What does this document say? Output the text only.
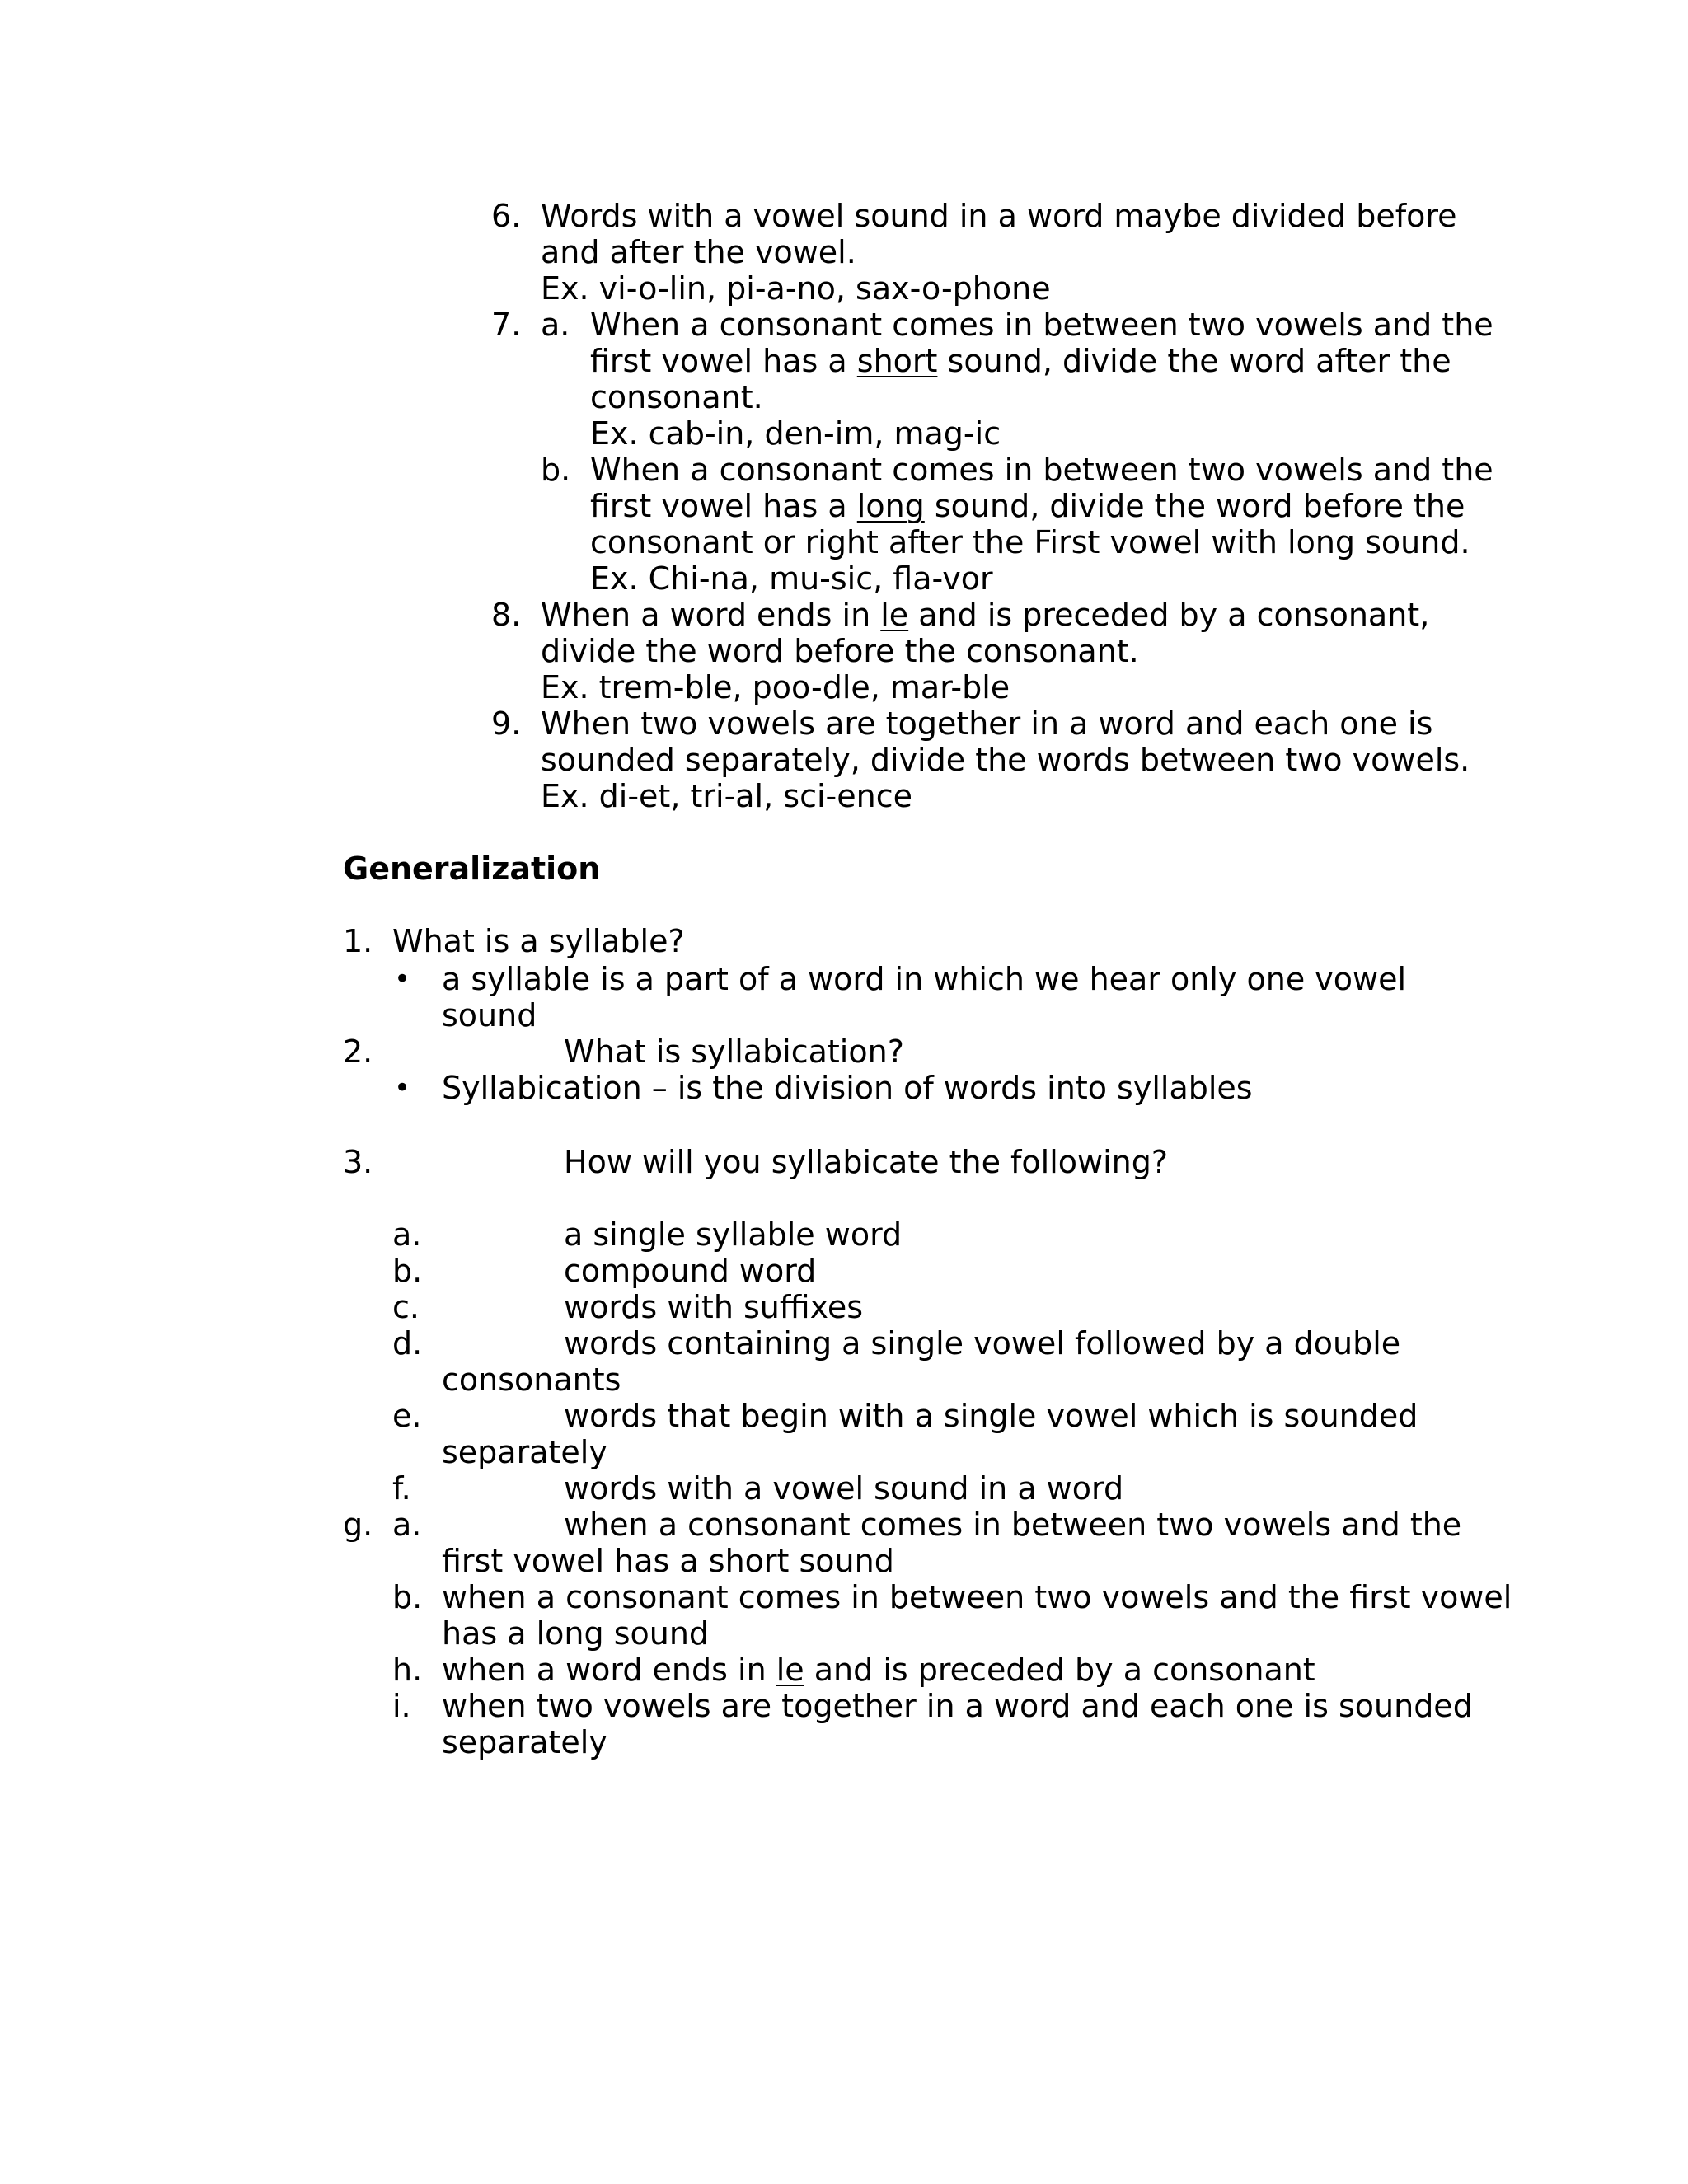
6. Words with a vowel sound in a word maybe divided before
and after the vowel.
Ex. vi-o-lin, pi-a-no, sax-o-phone
7. a. When a consonant comes in between two vowels and the
first vowel has a short sound, divide the word after the
consonant.
Ex. cab-in, den-im, mag-ic
b. When a consonant comes in between two vowels and the
first vowel has a long sound, divide the word before the
consonant or right after the First vowel with long sound.
Ex. Chi-na, mu-sic, fla-vor
8. When a word ends in le and is preceded by a consonant,
divide the word before the consonant.
Ex. trem-ble, poo-dle, mar-ble
9. When two vowels are together in a word and each one is
sounded separately, divide the words between two vowels.
Ex. di-et, tri-al, sci-ence
Generalization
1. What is a syllable?
• a syllable is a part of a word in which we hear only one vowel
sound
2.	What is syllabication?
• Syllabication – is the division of words into syllables
3.	How will you syllabicate the following?
a.	a single syllable word
b.	compound word
c.	words with suffixes
d.	words containing a single vowel followed by a double
consonants
e.	words that begin with a single vowel which is sounded
separately
f.	words with a vowel sound in a word
g. a.	when a consonant comes in between two vowels and the
first vowel has a short sound
b. when a consonant comes in between two vowels and the first vowel
has a long sound
h. when a word ends in le and is preceded by a consonant
i. when two vowels are together in a word and each one is sounded
separately
